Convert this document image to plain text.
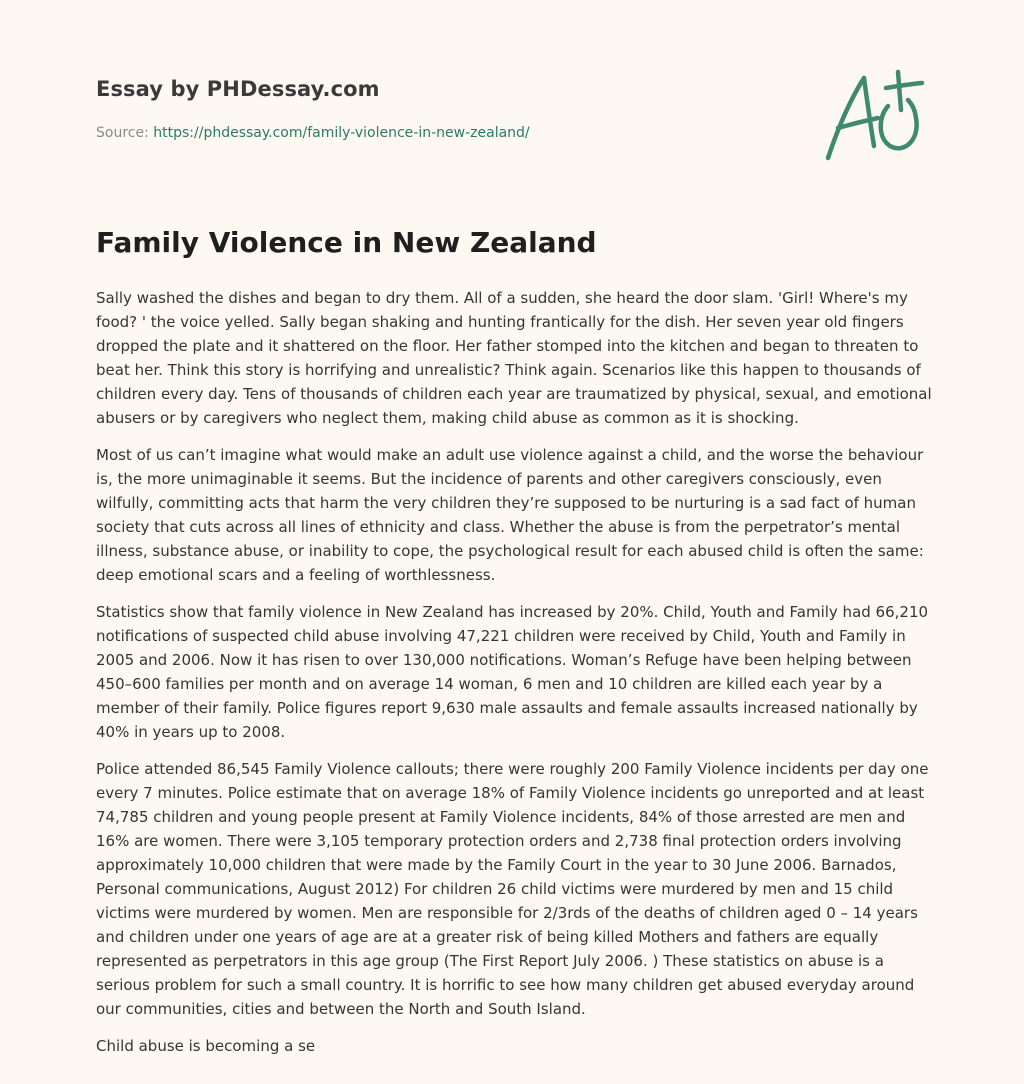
Essay by PHDessay.com
Source: https://phdessay.com/family-violence-in-new-zealand/
Family Violence in New Zealand

Sally washed the dishes and began to dry them. All of a sudden, she heard the door slam. 'Girl! Where's my food? ' the voice yelled. Sally began shaking and hunting frantically for the dish. Her seven year old fingers dropped the plate and it shattered on the floor. Her father stomped into the kitchen and began to threaten to beat her. Think this story is horrifying and unrealistic? Think again. Scenarios like this happen to thousands of children every day. Tens of thousands of children each year are traumatized by physical, sexual, and emotional abusers or by caregivers who neglect them, making child abuse as common as it is shocking.

Most of us can’t imagine what would make an adult use violence against a child, and the worse the behaviour is, the more unimaginable it seems. But the incidence of parents and other caregivers consciously, even wilfully, committing acts that harm the very children they’re supposed to be nurturing is a sad fact of human society that cuts across all lines of ethnicity and class. Whether the abuse is from the perpetrator’s mental illness, substance abuse, or inability to cope, the psychological result for each abused child is often the same: deep emotional scars and a feeling of worthlessness.

Statistics show that family violence in New Zealand has increased by 20%. Child, Youth and Family had 66,210 notifications of suspected child abuse involving 47,221 children were received by Child, Youth and Family in 2005 and 2006. Now it has risen to over 130,000 notifications. Woman’s Refuge have been helping between 450–600 families per month and on average 14 woman, 6 men and 10 children are killed each year by a member of their family. Police figures report 9,630 male assaults and female assaults increased nationally by 40% in years up to 2008.

Police attended 86,545 Family Violence callouts; there were roughly 200 Family Violence incidents per day one every 7 minutes. Police estimate that on average 18% of Family Violence incidents go unreported and at least 74,785 children and young people present at Family Violence incidents, 84% of those arrested are men and 16% are women. There were 3,105 temporary protection orders and 2,738 final protection orders involving approximately 10,000 children that were made by the Family Court in the year to 30 June 2006. Barnados, Personal communications, August 2012) For children 26 child victims were murdered by men and 15 child victims were murdered by women. Men are responsible for 2/3rds of the deaths of children aged 0 – 14 years and children under one years of age are at a greater risk of being killed Mothers and fathers are equally represented as perpetrators in this age group (The First Report July 2006. ) These statistics on abuse is a serious problem for such a small country. It is horrific to see how many children get abused everyday around our communities, cities and between the North and South Island.

Child abuse is becoming a se
